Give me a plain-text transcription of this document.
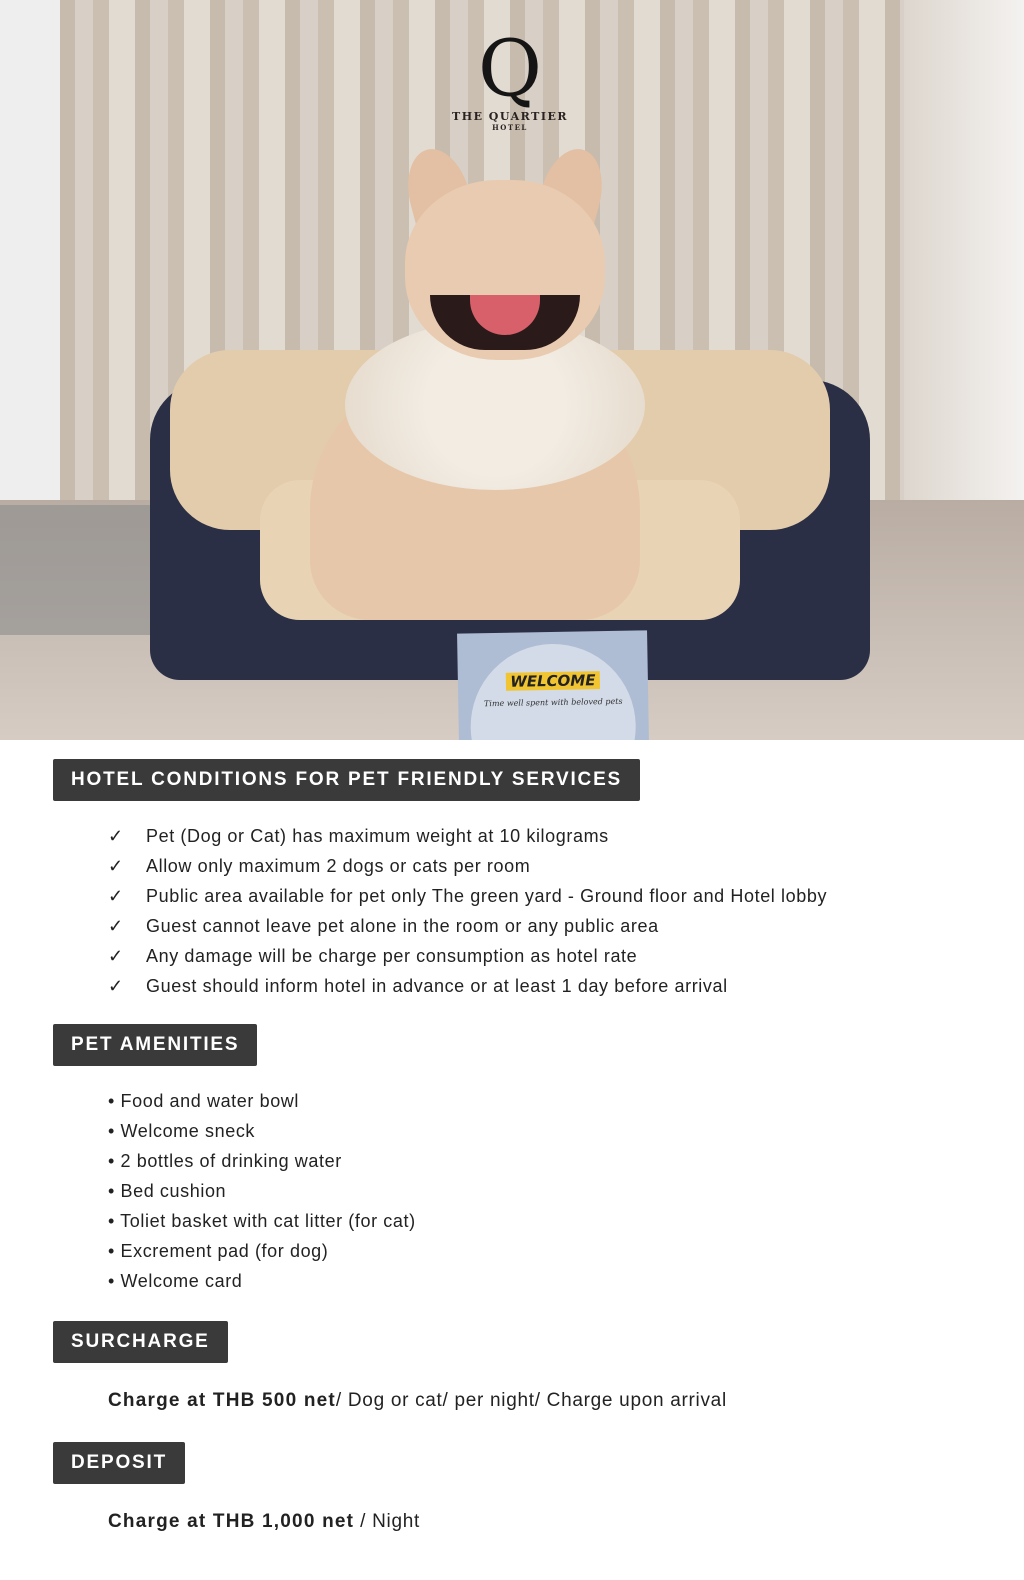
WELCOME
Time well spent with beloved pets
Q
THE QUARTIER
HOTEL
HOTEL CONDITIONS FOR PET FRIENDLY SERVICES
✓	Pet (Dog or Cat) has maximum weight at 10 kilograms
✓	Allow only maximum 2 dogs or cats per room
✓	Public area available for pet only The green yard - Ground floor and Hotel lobby
✓	Guest cannot leave pet alone in the room or any public area
✓	Any damage will be charge per consumption as hotel rate
✓	Guest should inform hotel in advance or at least 1 day before arrival
PET AMENITIES
• Food and water bowl
• Welcome sneck
• 2 bottles of drinking water
• Bed cushion
• Toliet basket with cat litter (for cat)
• Excrement pad (for dog)
• Welcome card
SURCHARGE
Charge at THB 500 net/ Dog or cat/ per night/ Charge upon arrival
DEPOSIT
Charge at THB 1,000 net / Night
